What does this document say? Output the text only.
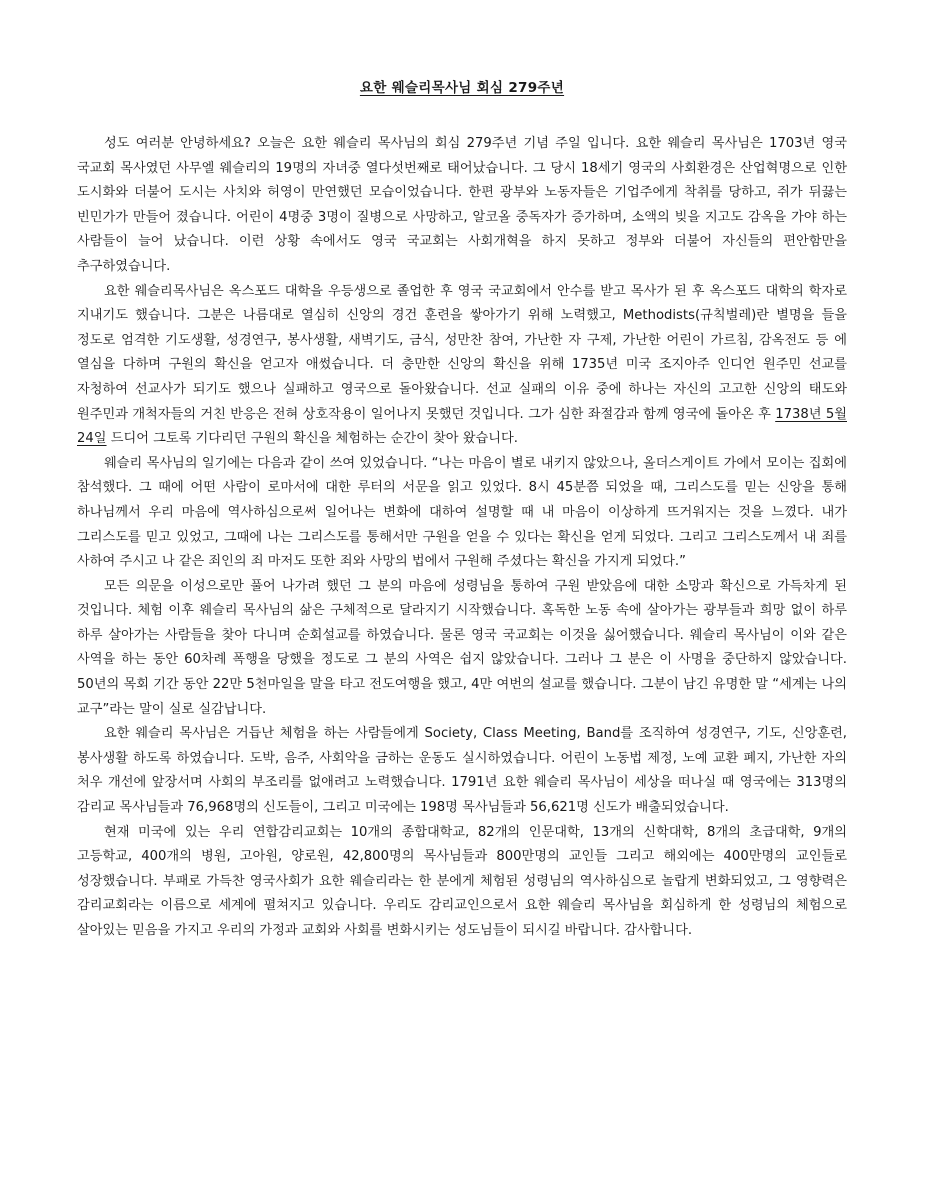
요한 웨슬리목사님 회심 279주년

성도 여러분 안녕하세요? 오늘은 요한 웨슬리 목사님의 회심 279주년 기념 주일 입니다. 요한 웨슬리 목사님은 1703년 영국 국교회 목사였던 사무엘 웨슬리의 19명의 자녀중 열다섯번째로 태어났습니다. 그 당시 18세기 영국의 사회환경은 산업혁명으로 인한 도시화와 더불어 도시는 사치와 허영이 만연했던 모습이었습니다. 한편 광부와 노동자들은 기업주에게 착취를 당하고, 쥐가 뒤끓는 빈민가가 만들어 졌습니다. 어린이 4명중 3명이 질병으로 사망하고, 알코올 중독자가 증가하며, 소액의 빚을 지고도 감옥을 가야 하는 사람들이 늘어 났습니다. 이런 상황 속에서도 영국 국교회는 사회개혁을 하지 못하고 정부와 더불어 자신들의 편안함만을 추구하였습니다.

요한 웨슬리목사님은 옥스포드 대학을 우등생으로 졸업한 후 영국 국교회에서 안수를 받고 목사가 된 후 옥스포드 대학의 학자로 지내기도 했습니다. 그분은 나름대로 열심히 신앙의 경건 훈련을 쌓아가기 위해 노력했고, Methodists(규칙벌레)란 별명을 들을 정도로 엄격한 기도생활, 성경연구, 봉사생활, 새벽기도, 금식, 성만찬 참여, 가난한 자 구제, 가난한 어린이 가르침, 감옥전도 등 에 열심을 다하며 구원의 확신을 얻고자 애썼습니다. 더 충만한 신앙의 확신을 위해 1735년 미국 조지아주 인디언 원주민 선교를 자청하여 선교사가 되기도 했으나 실패하고 영국으로 돌아왔습니다. 선교 실패의 이유 중에 하나는 자신의 고고한 신앙의 태도와 원주민과 개척자들의 거친 반응은 전혀 상호작용이 일어나지 못했던 것입니다. 그가 심한 좌절감과 함께 영국에 돌아온 후 1738년 5월 24일 드디어 그토록 기다리던 구원의 확신을 체험하는 순간이 찾아 왔습니다.

웨슬리 목사님의 일기에는 다음과 같이 쓰여 있었습니다. “나는 마음이 별로 내키지 않았으나, 올더스게이트 가에서 모이는 집회에 참석했다. 그 때에 어떤 사람이 로마서에 대한 루터의 서문을 읽고 있었다. 8시 45분쯤 되었을 때, 그리스도를 믿는 신앙을 통해 하나님께서 우리 마음에 역사하심으로써 일어나는 변화에 대하여 설명할 때 내 마음이 이상하게 뜨거워지는 것을 느꼈다. 내가 그리스도를 믿고 있었고, 그때에 나는 그리스도를 통해서만 구원을 얻을 수 있다는 확신을 얻게 되었다. 그리고 그리스도께서 내 죄를 사하여 주시고 나 같은 죄인의 죄 마저도 또한 죄와 사망의 법에서 구원해 주셨다는 확신을 가지게 되었다.”

모든 의문을 이성으로만 풀어 나가려 했던 그 분의 마음에 성령님을 통하여 구원 받았음에 대한 소망과 확신으로 가득차게 된 것입니다. 체험 이후 웨슬리 목사님의 삶은 구체적으로 달라지기 시작했습니다. 혹독한 노동 속에 살아가는 광부들과 희망 없이 하루 하루 살아가는 사람들을 찾아 다니며 순회설교를 하였습니다. 물론 영국 국교회는 이것을 싫어했습니다. 웨슬리 목사님이 이와 같은 사역을 하는 동안 60차례 폭행을 당했을 정도로 그 분의 사역은 쉽지 않았습니다. 그러나 그 분은 이 사명을 중단하지 않았습니다. 50년의 목회 기간 동안 22만 5천마일을 말을 타고 전도여행을 했고, 4만 여번의 설교를 했습니다. 그분이 남긴 유명한 말 “세계는 나의 교구”라는 말이 실로 실감납니다.

요한 웨슬리 목사님은 거듭난 체험을 하는 사람들에게 Society, Class Meeting, Band를 조직하여 성경연구, 기도, 신앙훈련, 봉사생활 하도록 하였습니다. 도박, 음주, 사회악을 금하는 운동도 실시하였습니다. 어린이 노동법 제정, 노예 교환 폐지, 가난한 자의 처우 개선에 앞장서며 사회의 부조리를 없애려고 노력했습니다. 1791년 요한 웨슬리 목사님이 세상을 떠나실 때 영국에는 313명의 감리교 목사님들과 76,968명의 신도들이, 그리고 미국에는 198명 목사님들과 56,621명 신도가 배출되었습니다.

현재 미국에 있는 우리 연합감리교회는 10개의 종합대학교, 82개의 인문대학, 13개의 신학대학, 8개의 초급대학, 9개의 고등학교, 400개의 병원, 고아원, 양로원, 42,800명의 목사님들과 800만명의 교인들 그리고 해외에는 400만명의 교인들로 성장했습니다. 부패로 가득찬 영국사회가 요한 웨슬리라는 한 분에게 체험된 성령님의 역사하심으로 놀랍게 변화되었고, 그 영향력은 감리교회라는 이름으로 세계에 펼쳐지고 있습니다. 우리도 감리교인으로서 요한 웨슬리 목사님을 회심하게 한 성령님의 체험으로 살아있는 믿음을 가지고 우리의 가정과 교회와 사회를 변화시키는 성도님들이 되시길 바랍니다. 감사합니다.
